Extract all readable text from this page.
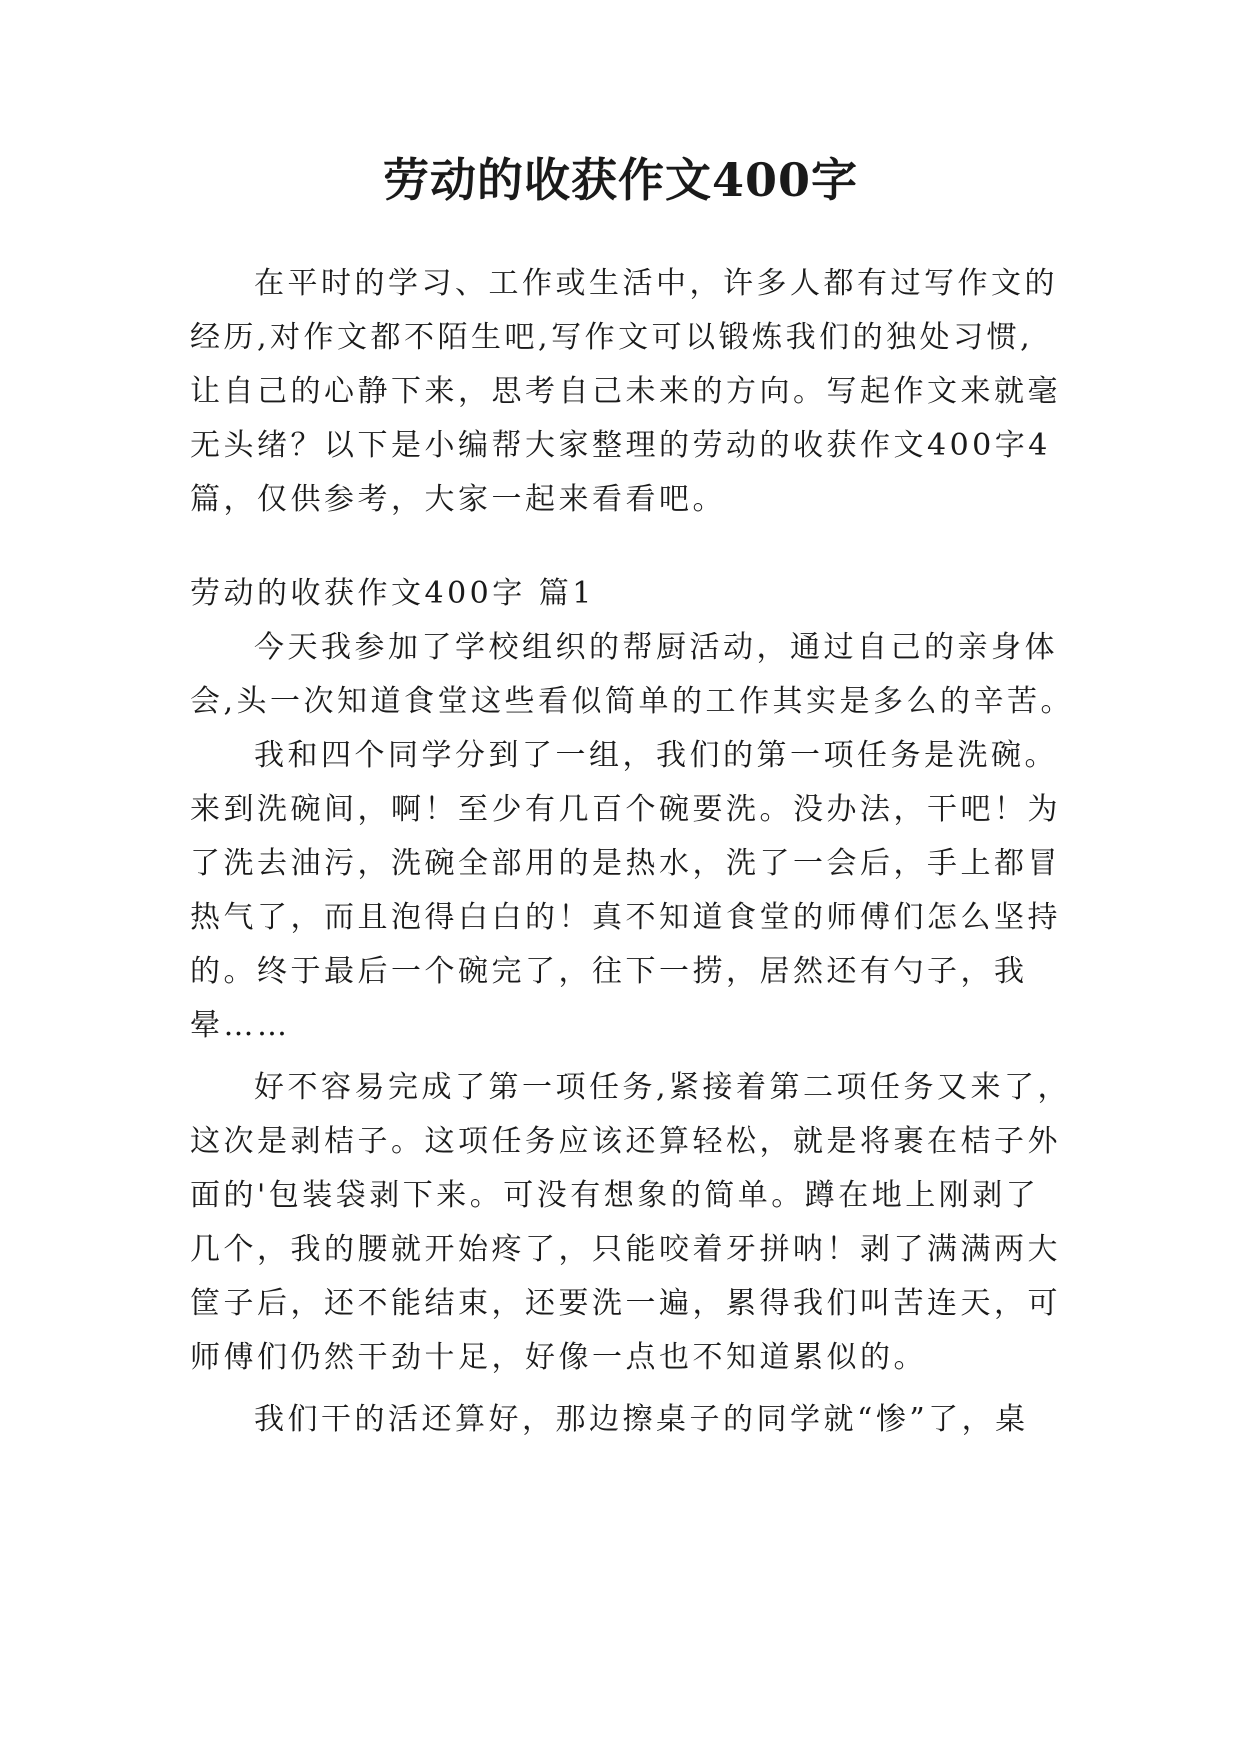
劳动的收获作文400字
在平时的学习、工作或生活中，许多人都有过写作文的
经历,对作文都不陌生吧,写作文可以锻炼我们的独处习惯,
让自己的心静下来，思考自己未来的方向。写起作文来就毫
无头绪？以下是小编帮大家整理的劳动的收获作文400字4
篇，仅供参考，大家一起来看看吧。
劳动的收获作文400字 篇1
今天我参加了学校组织的帮厨活动，通过自己的亲身体
会,头一次知道食堂这些看似简单的工作其实是多么的辛苦。
我和四个同学分到了一组，我们的第一项任务是洗碗。
来到洗碗间，啊！至少有几百个碗要洗。没办法，干吧！为
了洗去油污，洗碗全部用的是热水，洗了一会后，手上都冒
热气了，而且泡得白白的！真不知道食堂的师傅们怎么坚持
的。终于最后一个碗完了，往下一捞，居然还有勺子，我
晕……
好不容易完成了第一项任务,紧接着第二项任务又来了，
这次是剥桔子。这项任务应该还算轻松，就是将裹在桔子外
面的'包装袋剥下来。可没有想象的简单。蹲在地上刚剥了
几个，我的腰就开始疼了，只能咬着牙拼呐！剥了满满两大
筐子后，还不能结束，还要洗一遍，累得我们叫苦连天，可
师傅们仍然干劲十足，好像一点也不知道累似的。
我们干的活还算好，那边擦桌子的同学就“惨”了，桌
